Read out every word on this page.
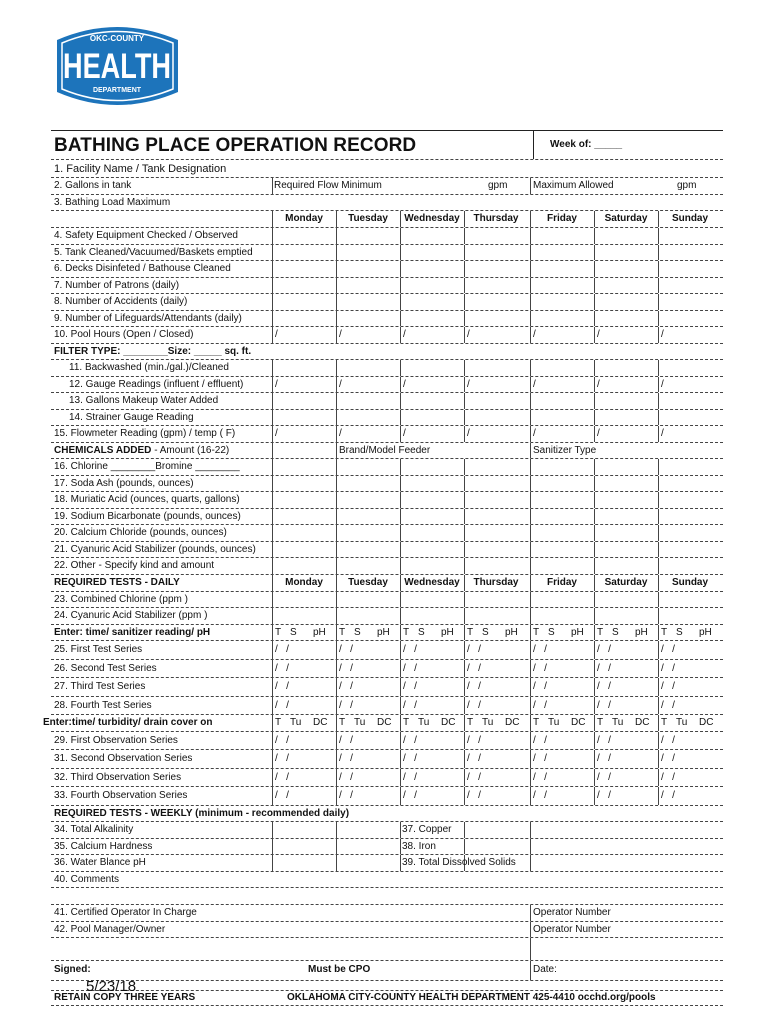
OKC-COUNTY
HEALTH
DEPARTMENT
BATHING PLACE OPERATION RECORD	Week of: _____
1. Facility Name / Tank Designation
2. Gallons in tank	Required Flow Minimum	gpm	Maximum Allowed	gpm
3. Bathing Load Maximum
Monday	Tuesday	Wednesday	Thursday	Friday	Saturday	Sunday
4. Safety Equipment Checked / Observed
5. Tank Cleaned/Vacuumed/Baskets emptied
6. Decks Disinfeted / Bathouse Cleaned
7. Number of Patrons (daily)
8. Number of Accidents (daily)
9. Number of Lifeguards/Attendants (daily)
10. Pool Hours (Open / Closed)	/	/	/	/	/	/	/
FILTER TYPE: ________Size: _____ sq. ft.
11. Backwashed (min./gal.)/Cleaned
12. Gauge Readings (influent / effluent)	/	/	/	/	/	/	/
13. Gallons Makeup Water Added
14. Strainer Gauge Reading
15. Flowmeter Reading (gpm) / temp ( F)	/	/	/	/	/	/	/
CHEMICALS ADDED - Amount (16-22)	Brand/Model Feeder	Sanitizer Type
16. Chlorine ________Bromine ________
17. Soda Ash (pounds, ounces)
18. Muriatic Acid (ounces, quarts, gallons)
19. Sodium Bicarbonate (pounds, ounces)
20. Calcium Chloride (pounds, ounces)
21. Cyanuric Acid Stabilizer (pounds, ounces)
22. Other - Specify kind and amount
REQUIRED TESTS - DAILY	Monday	Tuesday	Wednesday	Thursday	Friday	Saturday	Sunday
23. Combined Chlorine (ppm )
24. Cyanuric Acid Stabilizer (ppm )
Enter: time/ sanitizer reading/ pH	T S pH T S pH T S pH T S pH T S pH T S pH T S pH
25. First Test Series	/   /	/   /	/   /	/   /	/   /	/   /	/   /
26. Second Test Series	/   /	/   /	/   /	/   /	/   /	/   /	/   /
27. Third Test Series	/   /	/   /	/   /	/   /	/   /	/   /	/   /
28. Fourth Test Series	/   /	/   /	/   /	/   /	/   /	/   /	/   /
Enter:time/ turbidity/ drain cover on	T Tu DC T Tu DC T Tu DC T Tu DC T Tu DC T Tu DC T Tu DC
29. First Observation Series	/   /	/   /	/   /	/   /	/   /	/   /	/   /
31. Second Observation Series	/   /	/   /	/   /	/   /	/   /	/   /	/   /
32. Third Observation Series	/   /	/   /	/   /	/   /	/   /	/   /	/   /
33. Fourth Observation Series	/   /	/   /	/   /	/   /	/   /	/   /	/   /
REQUIRED TESTS - WEEKLY (minimum - recommended daily)
34. Total Alkalinity	37. Copper
35. Calcium Hardness	38. Iron
36. Water Blance pH	39. Total Dissolved Solids
40. Comments
41. Certified Operator In Charge	Operator Number
42. Pool Manager/Owner	Operator Number
Signed:	Must be CPO	Date:
RETAIN COPY THREE YEARS	OKLAHOMA CITY-COUNTY HEALTH DEPARTMENT 425-4410 occhd.org/pools
5/23/18
